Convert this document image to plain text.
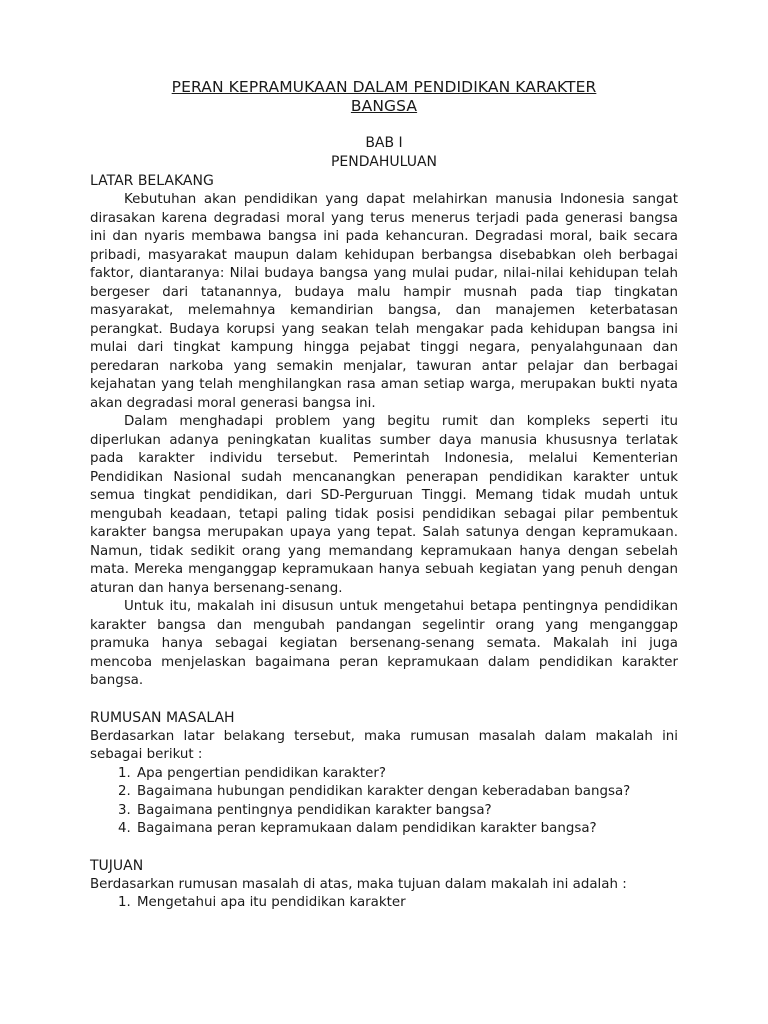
PERAN KEPRAMUKAAN DALAM PENDIDIKAN KARAKTER
BANGSA

BAB I

PENDAHULUAN

LATAR BELAKANG

Kebutuhan akan pendidikan yang dapat melahirkan manusia Indonesia sangat dirasakan karena degradasi moral yang terus menerus terjadi pada generasi bangsa ini dan nyaris membawa bangsa ini pada kehancuran. Degradasi moral, baik secara pribadi, masyarakat maupun dalam kehidupan berbangsa disebabkan oleh berbagai faktor, diantaranya: Nilai budaya bangsa yang mulai pudar, nilai-nilai kehidupan telah bergeser dari tatanannya, budaya malu hampir musnah pada tiap tingkatan masyarakat, melemahnya kemandirian bangsa, dan manajemen keterbatasan perangkat. Budaya korupsi yang seakan telah mengakar pada kehidupan bangsa ini mulai dari tingkat kampung hingga pejabat tinggi negara, penyalahgunaan dan peredaran narkoba yang semakin menjalar, tawuran antar pelajar dan berbagai kejahatan yang telah menghilangkan rasa aman setiap warga, merupakan bukti nyata akan degradasi moral generasi bangsa ini.

Dalam menghadapi problem yang begitu rumit dan kompleks seperti itu diperlukan adanya peningkatan kualitas sumber daya manusia khususnya terlatak pada karakter individu tersebut. Pemerintah Indonesia, melalui Kementerian Pendidikan Nasional sudah mencanangkan penerapan pendidikan karakter untuk semua tingkat pendidikan, dari SD-Perguruan Tinggi. Memang tidak mudah untuk mengubah keadaan, tetapi paling tidak posisi pendidikan sebagai pilar pembentuk karakter bangsa merupakan upaya yang tepat. Salah satunya dengan kepramukaan. Namun, tidak sedikit orang yang memandang kepramukaan hanya dengan sebelah mata. Mereka menganggap kepramukaan hanya sebuah kegiatan yang penuh dengan aturan dan hanya bersenang-senang.

Untuk itu, makalah ini disusun untuk mengetahui betapa pentingnya pendidikan karakter bangsa dan mengubah pandangan segelintir orang yang menganggap pramuka hanya sebagai kegiatan bersenang-senang semata. Makalah ini juga mencoba menjelaskan bagaimana peran kepramukaan dalam pendidikan karakter bangsa.

RUMUSAN MASALAH

Berdasarkan latar belakang tersebut, maka rumusan masalah dalam makalah ini sebagai berikut :

1. Apa pengertian pendidikan karakter?
2. Bagaimana hubungan pendidikan karakter dengan keberadaban bangsa?
3. Bagaimana pentingnya pendidikan karakter bangsa?
4. Bagaimana peran kepramukaan dalam pendidikan karakter bangsa?
TUJUAN

Berdasarkan rumusan masalah di atas, maka tujuan dalam makalah ini adalah :

1. Mengetahui apa itu pendidikan karakter
